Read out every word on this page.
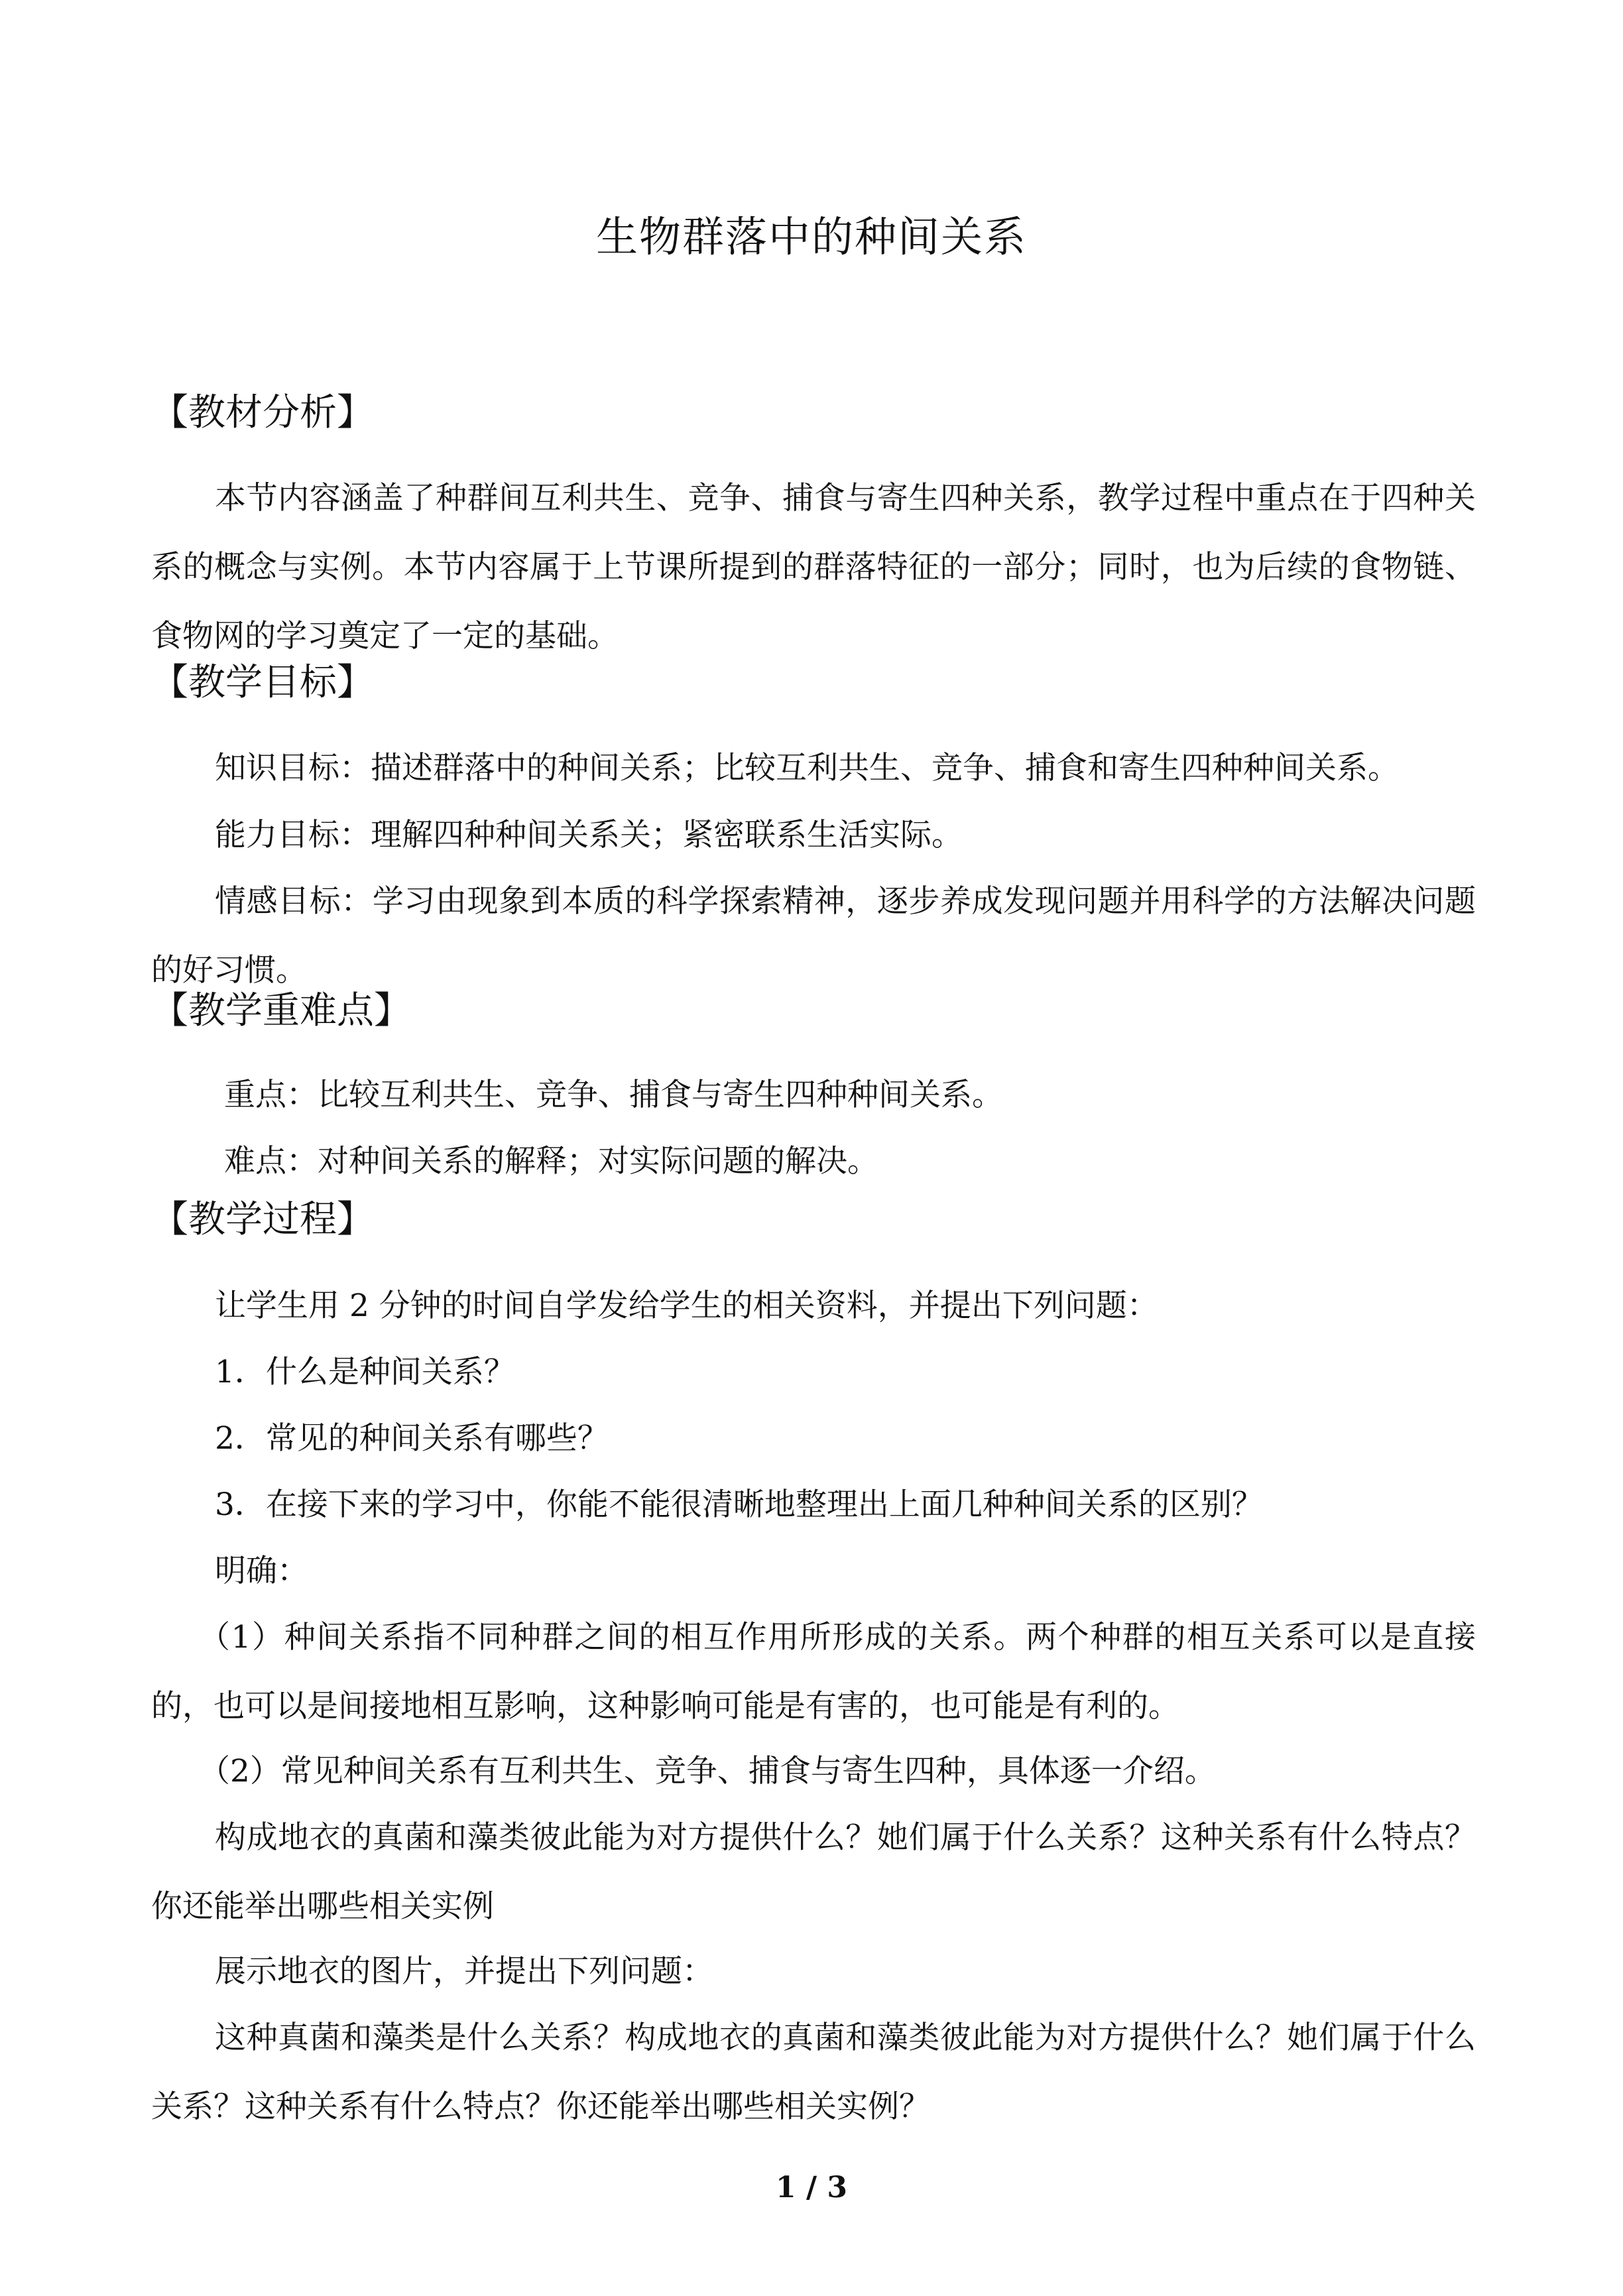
生物群落中的种间关系
【教材分析】
本节内容涵盖了种群间互利共生、竞争、捕食与寄生四种关系，教学过程中重点在于四种关系的概念与实例。本节内容属于上节课所提到的群落特征的一部分；同时，也为后续的食物链、食物网的学习奠定了一定的基础。
【教学目标】
知识目标：描述群落中的种间关系；比较互利共生、竞争、捕食和寄生四种种间关系。
能力目标：理解四种种间关系关；紧密联系生活实际。
情感目标：学习由现象到本质的科学探索精神，逐步养成发现问题并用科学的方法解决问题的好习惯。
【教学重难点】
重点：比较互利共生、竞争、捕食与寄生四种种间关系。
难点：对种间关系的解释；对实际问题的解决。
【教学过程】
让学生用 2 分钟的时间自学发给学生的相关资料，并提出下列问题：
1．什么是种间关系？
2．常见的种间关系有哪些？
3．在接下来的学习中，你能不能很清晰地整理出上面几种种间关系的区别？
明确：
（1）种间关系指不同种群之间的相互作用所形成的关系。两个种群的相互关系可以是直接的，也可以是间接地相互影响，这种影响可能是有害的，也可能是有利的。
（2）常见种间关系有互利共生、竞争、捕食与寄生四种，具体逐一介绍。
构成地衣的真菌和藻类彼此能为对方提供什么？她们属于什么关系？这种关系有什么特点？你还能举出哪些相关实例
展示地衣的图片，并提出下列问题：
这种真菌和藻类是什么关系？构成地衣的真菌和藻类彼此能为对方提供什么？她们属于什么关系？这种关系有什么特点？你还能举出哪些相关实例？
1 / 3
